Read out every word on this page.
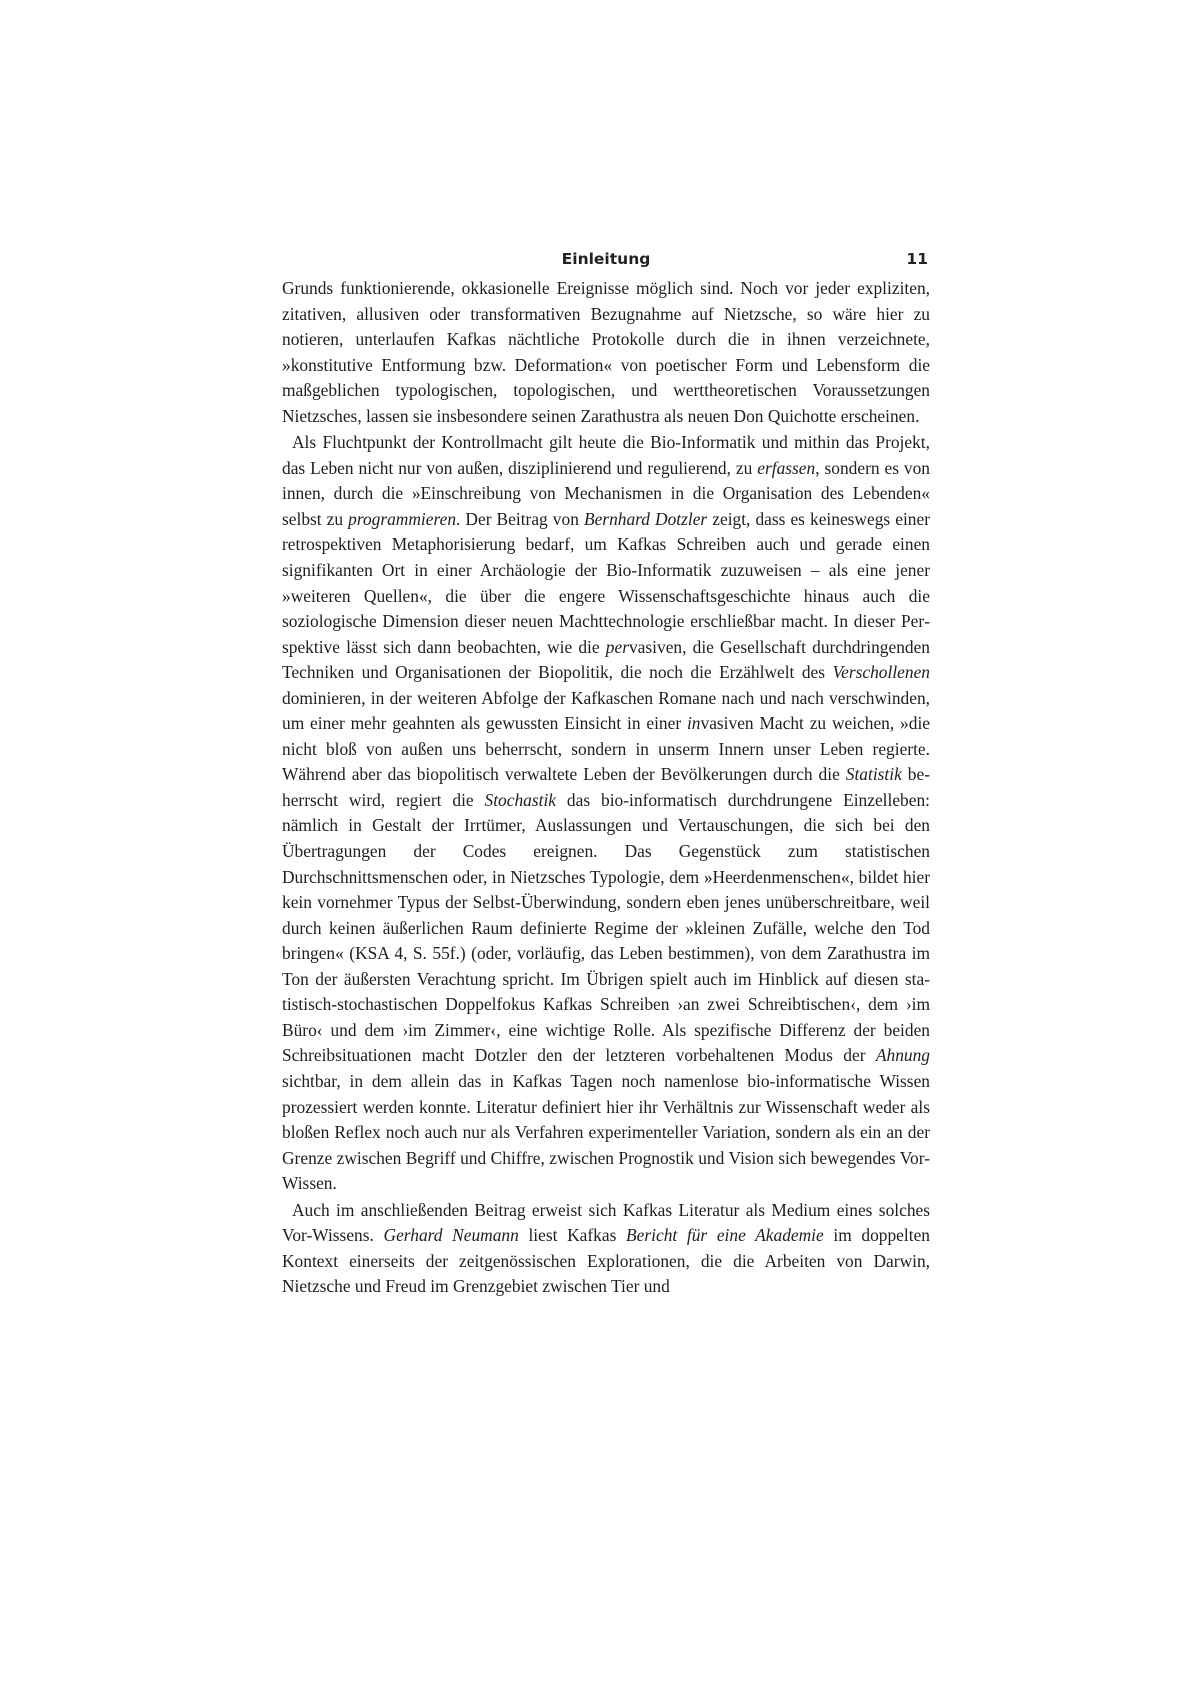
Einleitung	11

Grunds funktionierende, okkasionelle Ereignisse möglich sind. Noch vor jeder expliziten, zitativen, allusiven oder transformativen Bezugnahme auf Nietzsche, so wäre hier zu notieren, unterlaufen Kafkas nächtliche Protokolle durch die in ihnen verzeichnete, »konstitutive Entformung bzw. Deformation« von poetischer Form und Lebensform die maßgeblichen typologischen, topologischen, und werttheoretischen Voraussetzungen Nietzsches, lassen sie insbesondere seinen Zarathustra als neuen Don Quichotte erscheinen.

Als Fluchtpunkt der Kontrollmacht gilt heute die Bio-Informatik und mithin das Projekt, das Leben nicht nur von außen, disziplinierend und regulierend, zu erfassen, sondern es von innen, durch die »Einschreibung von Mechanismen in die Organisation des Lebenden« selbst zu programmieren. Der Beitrag von Bernhard Dotzler zeigt, dass es keineswegs einer retrospektiven Metaphorisierung bedarf, um Kafkas Schreiben auch und gerade einen signifikanten Ort in einer Archäologie der Bio-Informatik zuzuweisen – als eine jener »weiteren Quellen«, die über die engere Wissenschaftsgeschichte hinaus auch die soziologische Dimension dieser neuen Machttechnologie erschließbar macht. In dieser Perspektive lässt sich dann beobachten, wie die pervasiven, die Gesellschaft durchdringenden Techniken und Organisationen der Biopolitik, die noch die Erzählwelt des Verschollenen dominieren, in der weiteren Abfolge der Kafkaschen Romane nach und nach verschwinden, um einer mehr geahnten als gewussten Einsicht in einer invasiven Macht zu weichen, »die nicht bloß von außen uns beherrscht, sondern in unserm Innern unser Leben regierte. Während aber das biopolitisch verwaltete Leben der Bevölkerungen durch die Statistik beherrscht wird, regiert die Stochastik das bio-informatisch durchdrungene Einzelleben: nämlich in Gestalt der Irrtümer, Auslassungen und Vertauschungen, die sich bei den Übertragungen der Codes ereignen. Das Gegenstück zum statistischen Durchschnittsmenschen oder, in Nietzsches Typologie, dem »Heerdenmenschen«, bildet hier kein vornehmer Typus der Selbst-Überwindung, sondern eben jenes unüberschreitbare, weil durch keinen äußerlichen Raum definierte Regime der »kleinen Zufälle, welche den Tod bringen« (KSA 4, S. 55f.) (oder, vorläufig, das Leben bestimmen), von dem Zarathustra im Ton der äußersten Verachtung spricht. Im Übrigen spielt auch im Hinblick auf diesen statistisch-stochastischen Doppelfokus Kafkas Schreiben ›an zwei Schreibtischen‹, dem ›im Büro‹ und dem ›im Zimmer‹, eine wichtige Rolle. Als spezifische Differenz der beiden Schreibsituationen macht Dotzler den der letzteren vorbehaltenen Modus der Ahnung sichtbar, in dem allein das in Kafkas Tagen noch namenlose bio-informatische Wissen prozessiert werden konnte. Literatur definiert hier ihr Verhältnis zur Wissenschaft weder als bloßen Reflex noch auch nur als Verfahren experimenteller Variation, sondern als ein an der Grenze zwischen Begriff und Chiffre, zwischen Prognostik und Vision sich bewegendes Vor-Wissen.

Auch im anschließenden Beitrag erweist sich Kafkas Literatur als Medium eines solches Vor-Wissens. Gerhard Neumann liest Kafkas Bericht für eine Akademie im doppelten Kontext einerseits der zeitgenössischen Explorationen, die die Arbeiten von Darwin, Nietzsche und Freud im Grenzgebiet zwischen Tier und
